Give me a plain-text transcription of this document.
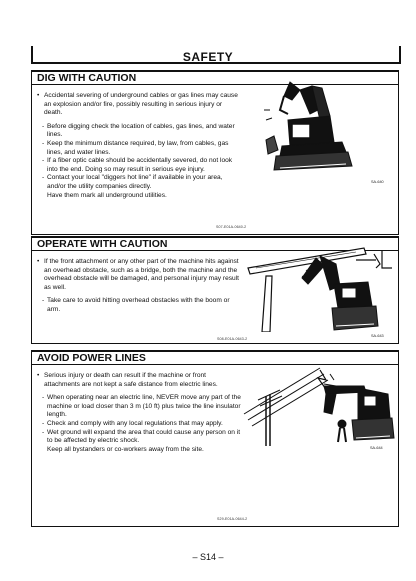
SAFETY
DIG WITH CAUTION
• Accidental severing of underground cables or gas lines may cause an explosion and/or fire, possibly resulting in serious injury or death.
- Before digging check the location of cables, gas lines, and water lines.
- Keep the minimum distance required, by law, from cables, gas lines, and water lines.
- If a fiber optic cable should be accidentally severed, do not look into the end. Doing so may result in serious eye injury.
- Contact your local "diggers hot line" if available in your area, and/or the utility companies directly.
Have them mark all underground utilities.
SA-640
S07-E01A-0640-2
OPERATE WITH CAUTION
• If the front attachment or any other part of the machine hits against an overhead obstacle, such as a bridge, both the machine and the overhead obstacle will be damaged, and personal injury may result as well.
- Take care to avoid hitting overhead obstacles with the boom or arm.
SA-643
S08-E01A-0643-2
AVOID POWER LINES
• Serious injury or death can result if the machine or front attachments are not kept a safe distance from electric lines.
- When operating near an electric line, NEVER move any part of the machine or load closer than 3 m (10 ft) plus twice the line insulator length.
- Check and comply with any local regulations that may apply.
- Wet ground will expand the area that could cause any person on it to be affected by electric shock.
Keep all bystanders or co-workers away from the site.	SA-644
S29-E01A-0644-2
– S14 –
